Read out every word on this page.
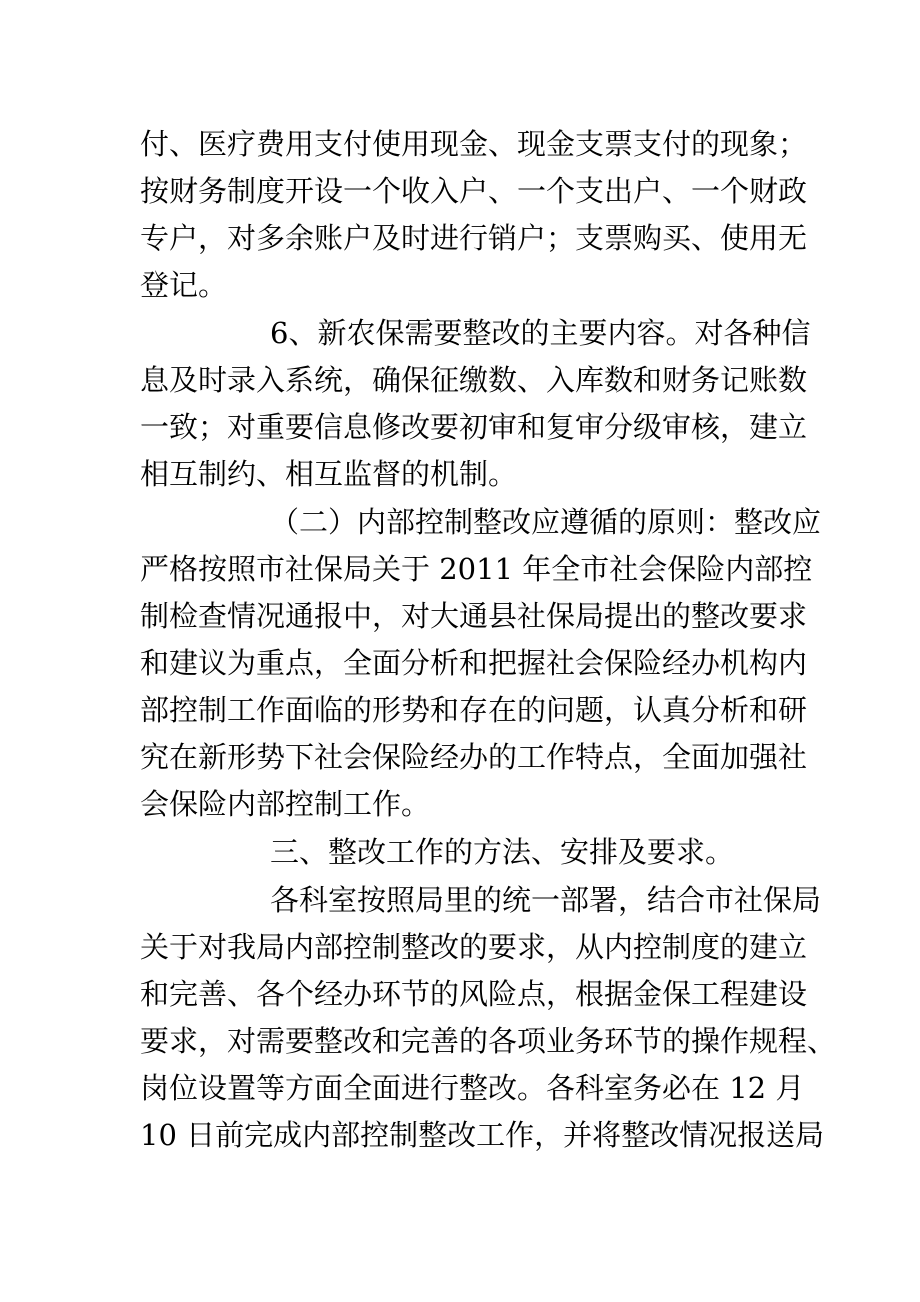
付、医疗费用支付使用现金、现金支票支付的现象；
按财务制度开设一个收入户、一个支出户、一个财政
专户，对多余账户及时进行销户；支票购买、使用无
登记。
6、新农保需要整改的主要内容。对各种信
息及时录入系统，确保征缴数、入库数和财务记账数
一致；对重要信息修改要初审和复审分级审核，建立
相互制约、相互监督的机制。
（二）内部控制整改应遵循的原则：整改应
严格按照市社保局关于 2011 年全市社会保险内部控
制检查情况通报中，对大通县社保局提出的整改要求
和建议为重点，全面分析和把握社会保险经办机构内
部控制工作面临的形势和存在的问题，认真分析和研
究在新形势下社会保险经办的工作特点，全面加强社
会保险内部控制工作。
三、整改工作的方法、安排及要求。
各科室按照局里的统一部署，结合市社保局
关于对我局内部控制整改的要求，从内控制度的建立
和完善、各个经办环节的风险点，根据金保工程建设
要求，对需要整改和完善的各项业务环节的操作规程、
岗位设置等方面全面进行整改。各科室务必在 12 月
10 日前完成内部控制整改工作，并将整改情况报送局
